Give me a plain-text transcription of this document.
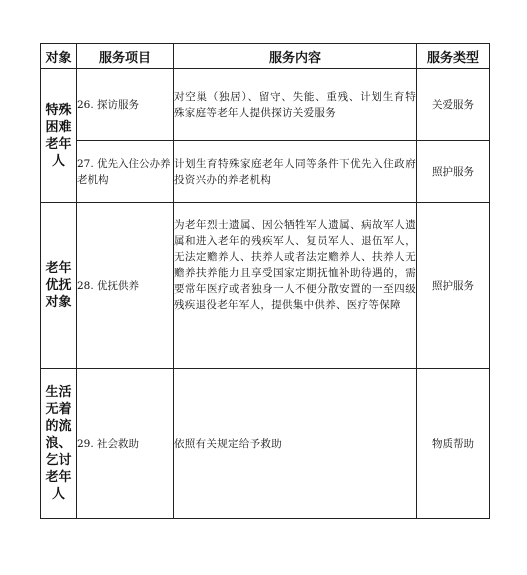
对象	服务项目	服务内容	服务类型
特殊困难老年人	26. 探访服务	对空巢（独居）、留守、失能、重残、计划生育特殊家庭等老年人提供探访关爱服务	关爱服务
	27. 优先入住公办养老机构	计划生育特殊家庭老年人同等条件下优先入住政府投资兴办的养老机构	照护服务
老年优抚对象	28. 优抚供养	为老年烈士遗属、因公牺牲军人遗属、病故军人遗属和进入老年的残疾军人、复员军人、退伍军人，无法定赡养人、扶养人或者法定赡养人、扶养人无赡养扶养能力且享受国家定期抚恤补助待遇的，需要常年医疗或者独身一人不便分散安置的一至四级残疾退役老年军人，提供集中供养、医疗等保障	照护服务
生活无着的流浪、乞讨老年人	29. 社会救助	依照有关规定给予救助	物质帮助
